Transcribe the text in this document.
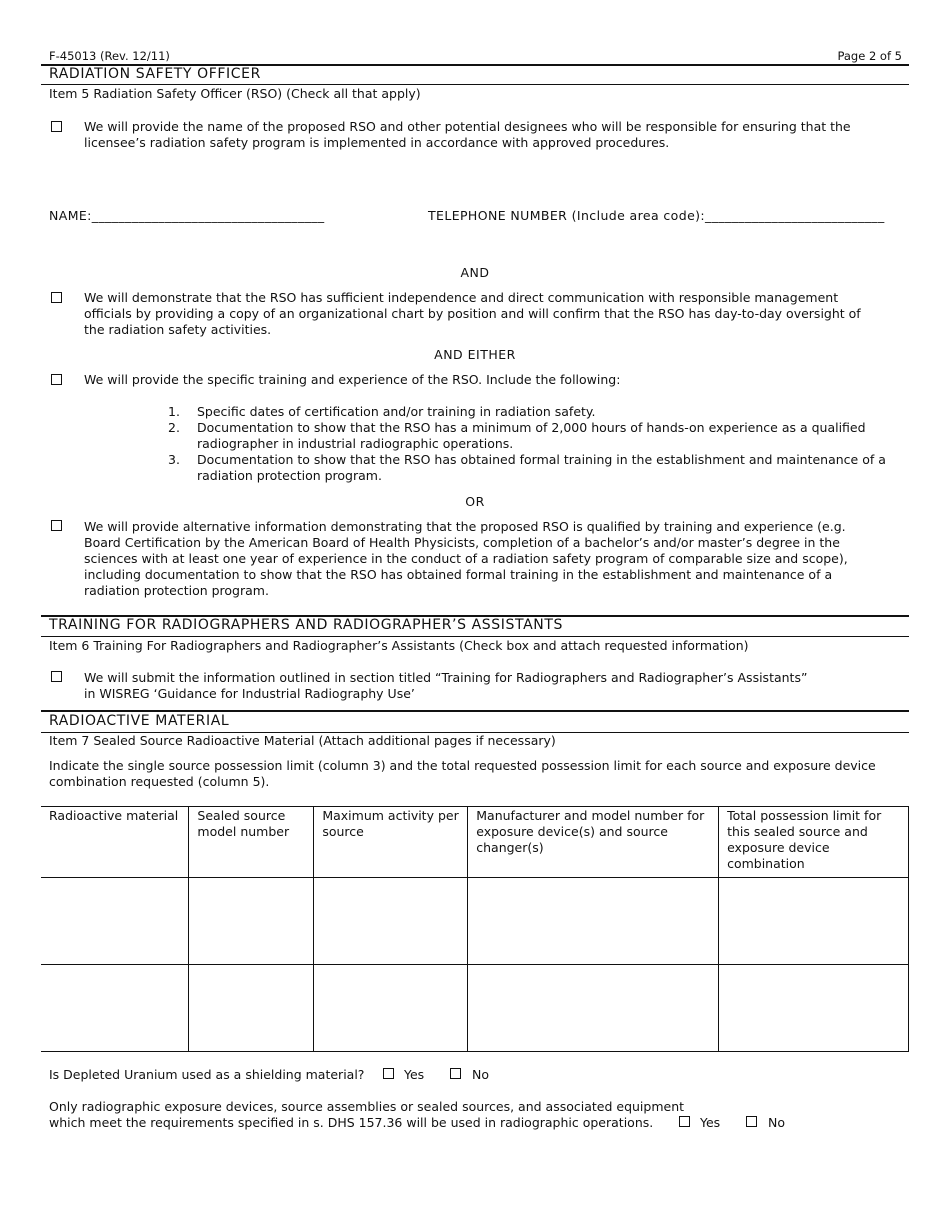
F-45013 (Rev. 12/11)	Page 2 of 5
RADIATION SAFETY OFFICER
Item 5 Radiation Safety Officer (RSO) (Check all that apply)
We will provide the name of the proposed RSO and other potential designees who will be responsible for ensuring that the licensee’s radiation safety program is implemented in accordance with approved procedures.
NAME:___________________________________	TELEPHONE NUMBER (Include area code):___________________________
AND
We will demonstrate that the RSO has sufficient independence and direct communication with responsible management officials by providing a copy of an organizational chart by position and will confirm that the RSO has day-to-day oversight of the radiation safety activities.
AND EITHER
We will provide the specific training and experience of the RSO. Include the following:
1. Specific dates of certification and/or training in radiation safety.
2. Documentation to show that the RSO has a minimum of 2,000 hours of hands-on experience as a qualified radiographer in industrial radiographic operations.
3. Documentation to show that the RSO has obtained formal training in the establishment and maintenance of a radiation protection program.
OR
We will provide alternative information demonstrating that the proposed RSO is qualified by training and experience (e.g. Board Certification by the American Board of Health Physicists, completion of a bachelor’s and/or master’s degree in the sciences with at least one year of experience in the conduct of a radiation safety program of comparable size and scope), including documentation to show that the RSO has obtained formal training in the establishment and maintenance of a radiation protection program.
TRAINING FOR RADIOGRAPHERS AND RADIOGRAPHER’S ASSISTANTS
Item 6 Training For Radiographers and Radiographer’s Assistants (Check box and attach requested information)
We will submit the information outlined in section titled “Training for Radiographers and Radiographer’s Assistants” in WISREG ‘Guidance for Industrial Radiography Use’
RADIOACTIVE MATERIAL
Item 7 Sealed Source Radioactive Material (Attach additional pages if necessary)
Indicate the single source possession limit (column 3) and the total requested possession limit for each source and exposure device combination requested (column 5).
Radioactive material	Sealed source model number	Maximum activity per source	Manufacturer and model number for exposure device(s) and source changer(s)	Total possession limit for this sealed source and exposure device combination

Is Depleted Uranium used as a shielding material?	Yes	No
Only radiographic exposure devices, source assemblies or sealed sources, and associated equipment
which meet the requirements specified in s. DHS 157.36 will be used in radiographic operations.	Yes	No
